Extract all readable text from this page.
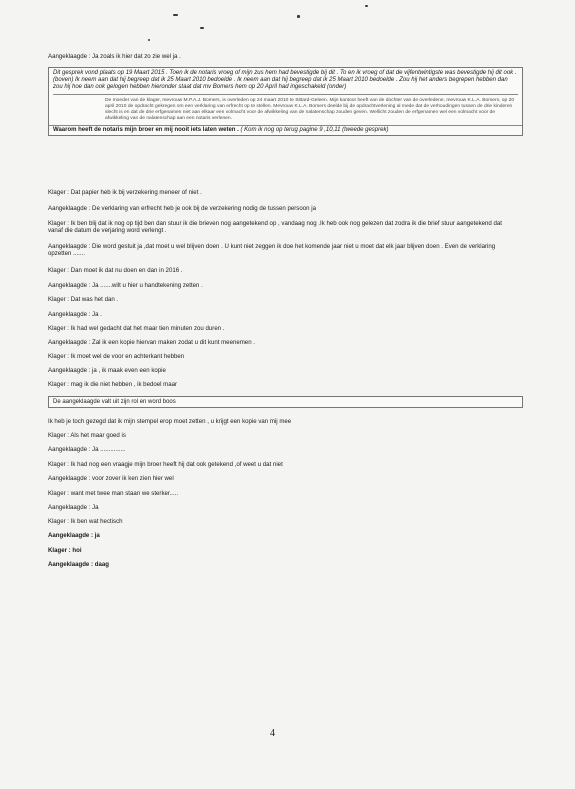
Aangeklaagde : Ja zoals ik hier dat zo zie wel ja .
Dit gesprek vond plaats op 19 Maart 2015 . Toen ik de notaris vroeg of mijn zus hem had bevestigde bij dit . To en ik vroeg of dat de vijfentwintigste was bevestigde hij dit ook . (boven) Ik neem aan dat hij begreep dat ik 25 Maart 2010 bedoelde . Ik neem aan dat hij begreep dat ik 25 Maart 2010 bedoelde . Zou hij het anders begrepen hebben dan zou hij hoe dan ook gelogen hebben hieronder staat dat mv Bomers hem op 20 April had ingeschakeld (onder)
De moeder van de klager, mevrouw M.P.A.J. Bomers, is overleden op 24 maart 2010 te Sittard-Geleen. Mijn kantoor heeft van de dochter van de overledene, mevrouw K.L.A. Bomers, op 20 april 2010 de opdracht gekregen om een verklaring van erfrecht op te stellen. Mevrouw K.L.A. Bomers deelde bij de opdrachtverlening al mede dat de verhoudingen tussen de drie kinderen slecht is en dat de drie erfgenamen niet aan elkaar een volmacht voor de afwikkeling van de nalatenschap zouden geven. Wellicht zouden de erfgenamen wel een volmacht voor de afwikkeling van de nalatenschap aan een notaris verlenen.
Waarom heeft de notaris mijn broer en mij nooit iets laten weten . ( Kom ik nog op terug pagine 9 ,10,11 (tweede gesprek)
Klager : Dat papier heb ik bij verzekering meneer of niet .
Aangeklaagde : De verklaring van erfrecht heb je ook bij de verzekering nodig de tussen persoon ja
Klager : Ik ben blij dat ik nog op tijd ben dan stuur ik die brieven nog aangetekend op , vandaag nog .Ik heb ook nog gelezen dat zodra ik die brief stuur aangetekend dat vanaf die datum de verjaring word verlengt .
Aangeklaagde : Die word gestuit ja ,dat moet u wel blijven doen . U kunt niet zeggen ik doe het komende jaar niet u moet dat elk jaar blijven doen . Even de verklaring opzetten .......
Klager : Dan moet ik dat nu doen en dan in 2016 .
Aangeklaagde : Ja .......wilt u hier u handtekening zetten .
Klager : Dat was het dan .
Aangeklaagde : Ja .
Klager : Ik had wel gedacht dat het maar tien minuten zou duren .
Aangeklaagde : Zal ik een kopie hiervan maken zodat u dit kunt meenemen .
Klager : Ik moet wel de voor en achterkant hebben
Aangeklaagde : ja , ik maak even een kopie
Klager : mag ik die niet hebben , ik bedoel maar
De aangeklaagde valt uit zijn rol en word boos
Ik heb je toch gezegd dat ik mijn stempel erop moet zetten , u krijgt een kopie van mij mee
Klager : Als het maar goed is
Aangeklaagde : Ja ...............
Klager : Ik had nog een vraagje mijn broer heeft hij dat ook getekend ,of weet u dat niet
Aangeklaagde : voor zover ik ken zien hier wel
Klager : want met twee man staan we sterker.....
Aangeklaagde : Ja
Klager : Ik ben wat hectisch
Aangeklaagde : ja
Klager : hoi
Aangeklaagde : daag
4
